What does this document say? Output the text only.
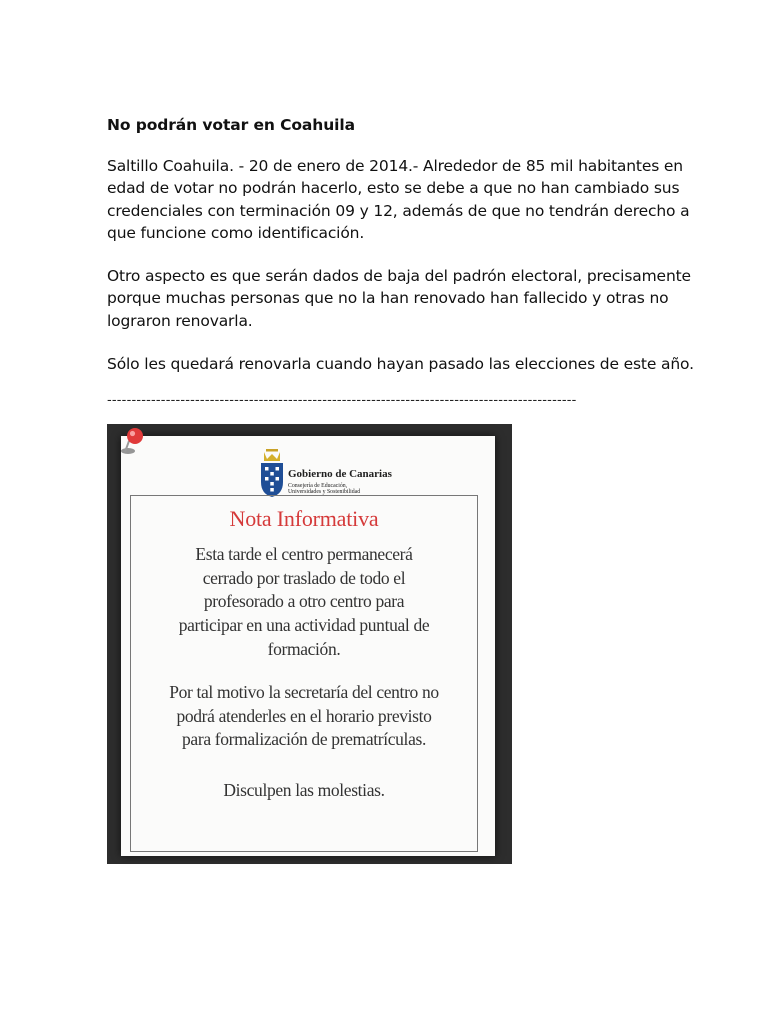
No podrán votar en Coahuila
Saltillo Coahuila. - 20 de enero de 2014.- Alrededor de 85 mil habitantes en
edad de votar no podrán hacerlo, esto se debe a que no han cambiado sus
credenciales con terminación 09 y 12, además de que no tendrán derecho a
que funcione como identificación.
Otro aspecto es que serán dados de baja del padrón electoral, precisamente
porque muchas personas que no la han renovado han fallecido y otras no
lograron renovarla.
Sólo les quedará renovarla cuando hayan pasado las elecciones de este año.
------------------------------------------------------------------------------------------------
Gobierno de Canarias
Consejería de Educación,
Universidades y Sostenibilidad
Nota Informativa
Esta tarde el centro permanecerá
cerrado por traslado de todo el
profesorado a otro centro para
participar en una actividad puntual de
formación.
Por tal motivo la secretaría del centro no
podrá atenderles en el horario previsto
para formalización de prematrículas.
Disculpen las molestias.
